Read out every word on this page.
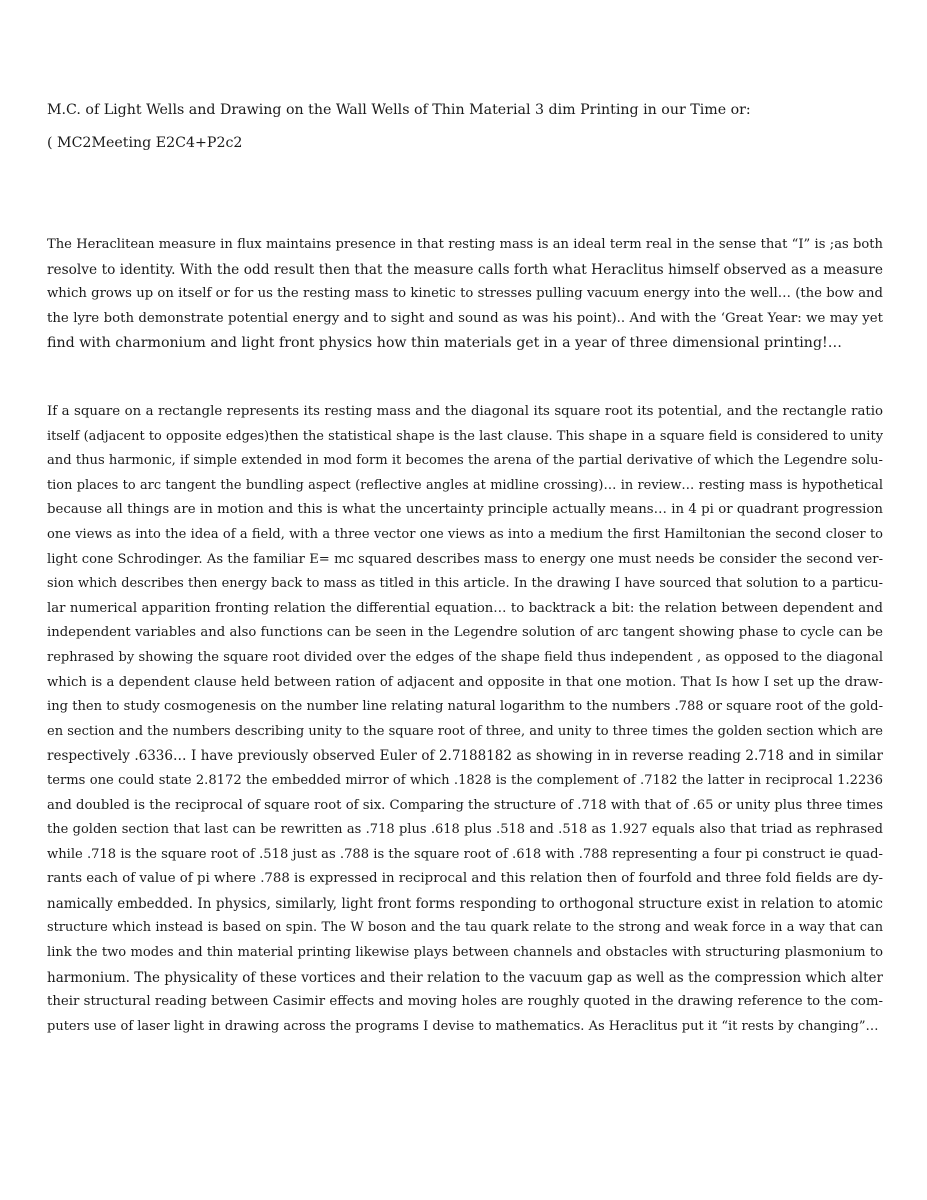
M.C. of Light Wells and Drawing on the Wall Wells of Thin Material 3 dim Printing in our Time or:
( MC2Meeting E2C4+P2c2
The Heraclitean measure in flux maintains presence in that resting mass is an ideal term real in the sense that “I” is ;as both
resolve to identity. With the odd result then that the measure calls forth what Heraclitus himself observed as a measure
which grows up on itself or for us the resting mass to kinetic to stresses pulling vacuum energy into the well… (the bow and
the lyre both demonstrate potential energy and to sight and sound as was his point).. And with the ‘Great Year: we may yet
find with charmonium and light front physics how thin materials get in a year of three dimensional printing!…
If a square on a rectangle represents its resting mass and the diagonal its square root its potential, and the rectangle ratio
itself (adjacent to opposite edges)then the statistical shape is the last clause. This shape in a square field is considered to unity
and thus harmonic, if simple extended in mod form it becomes the arena of the partial derivative of which the Legendre solu-
tion places to arc tangent the bundling aspect (reflective angles at midline crossing)… in review… resting mass is hypothetical
because all things are in motion and this is what the uncertainty principle actually means… in 4 pi or quadrant progression
one views as into the idea of a field, with a three vector one views as into a medium the first Hamiltonian the second closer to
light cone Schrodinger. As the familiar E= mc squared describes mass to energy one must needs be consider the second ver-
sion which describes then energy back to mass as titled in this article. In the drawing I have sourced that solution to a particu-
lar numerical apparition fronting relation the differential equation… to backtrack a bit: the relation between dependent and
independent variables and also functions can be seen in the Legendre solution of arc tangent showing phase to cycle can be
rephrased by showing the square root divided over the edges of the shape field thus independent , as opposed to the diagonal
which is a dependent clause held between ration of adjacent and opposite in that one motion. That Is how I set up the draw-
ing then to study cosmogenesis on the number line relating natural logarithm to the numbers .788 or square root of the gold-
en section and the numbers describing unity to the square root of three, and unity to three times the golden section which are
respectively .6336… I have previously observed Euler of 2.7188182 as showing in in reverse reading 2.718 and in similar
terms one could state 2.8172 the embedded mirror of which .1828 is the complement of .7182 the latter in reciprocal 1.2236
and doubled is the reciprocal of square root of six. Comparing the structure of .718 with that of .65 or unity plus three times
the golden section that last can be rewritten as .718 plus .618 plus .518 and .518 as 1.927 equals also that triad as rephrased
while .718 is the square root of .518 just as .788 is the square root of .618 with .788 representing a four pi construct ie quad-
rants each of value of pi where .788 is expressed in reciprocal and this relation then of fourfold and three fold fields are dy-
namically embedded. In physics, similarly, light front forms responding to orthogonal structure exist in relation to atomic
structure which instead is based on spin. The W boson and the tau quark relate to the strong and weak force in a way that can
link the two modes and thin material printing likewise plays between channels and obstacles with structuring plasmonium to
harmonium. The physicality of these vortices and their relation to the vacuum gap as well as the compression which alter
their structural reading between Casimir effects and moving holes are roughly quoted in the drawing reference to the com-
puters use of laser light in drawing across the programs I devise to mathematics. As Heraclitus put it “it rests by changing”…
